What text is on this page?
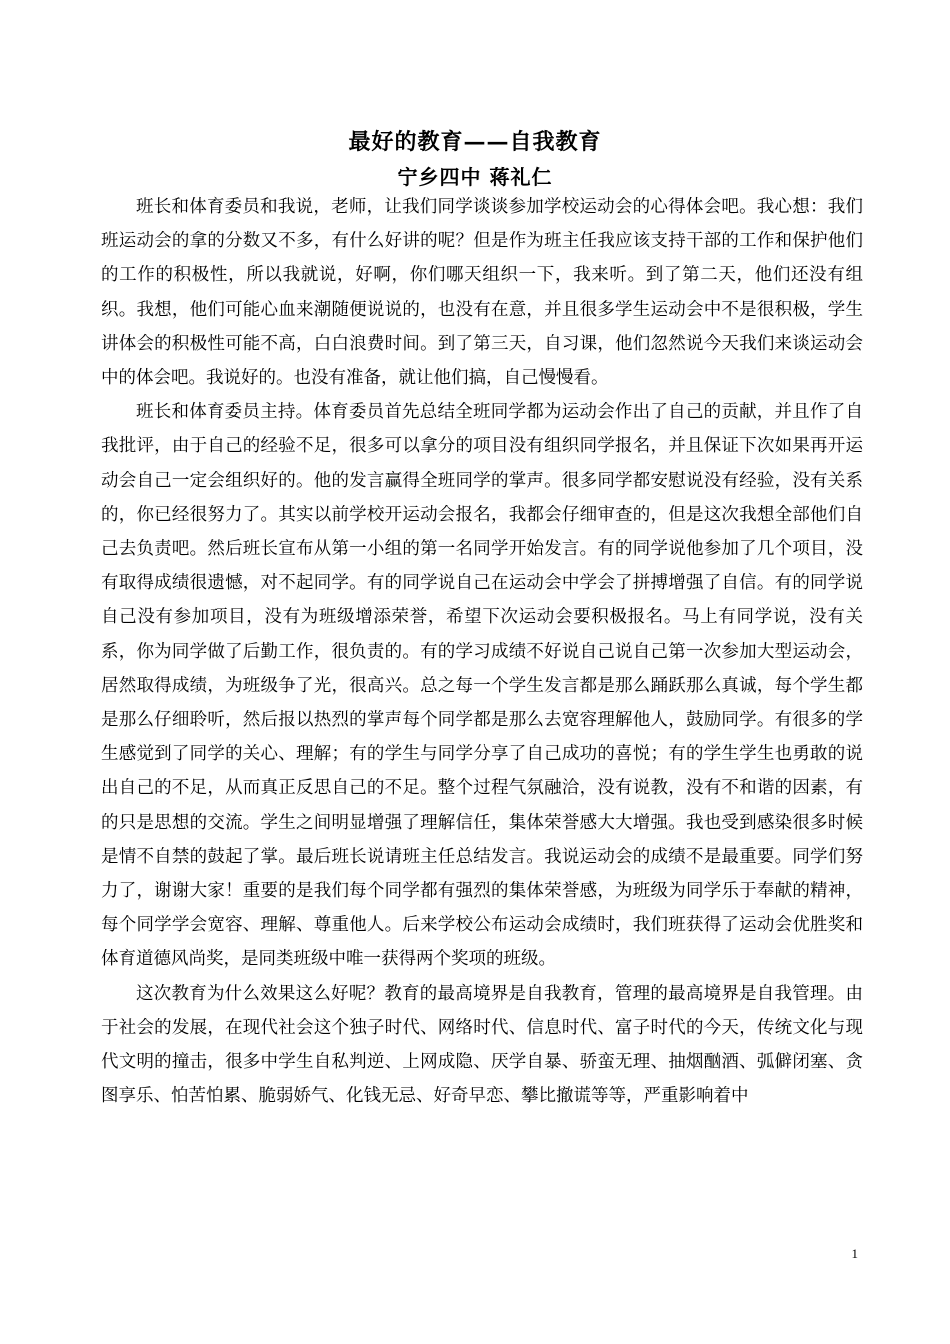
最好的教育——自我教育
宁乡四中 蒋礼仁

班长和体育委员和我说，老师，让我们同学谈谈参加学校运动会的心得体会吧。我心想：我们班运动会的拿的分数又不多，有什么好讲的呢？但是作为班主任我应该支持干部的工作和保护他们的工作的积极性，所以我就说，好啊，你们哪天组织一下，我来听。到了第二天，他们还没有组织。我想，他们可能心血来潮随便说说的，也没有在意，并且很多学生运动会中不是很积极，学生讲体会的积极性可能不高，白白浪费时间。到了第三天，自习课，他们忽然说今天我们来谈运动会中的体会吧。我说好的。也没有准备，就让他们搞，自己慢慢看。

班长和体育委员主持。体育委员首先总结全班同学都为运动会作出了自己的贡献，并且作了自我批评，由于自己的经验不足，很多可以拿分的项目没有组织同学报名，并且保证下次如果再开运动会自己一定会组织好的。他的发言赢得全班同学的掌声。很多同学都安慰说没有经验，没有关系的，你已经很努力了。其实以前学校开运动会报名，我都会仔细审查的，但是这次我想全部他们自己去负责吧。然后班长宣布从第一小组的第一名同学开始发言。有的同学说他参加了几个项目，没有取得成绩很遗憾，对不起同学。有的同学说自己在运动会中学会了拼搏增强了自信。有的同学说自己没有参加项目，没有为班级增添荣誉，希望下次运动会要积极报名。马上有同学说，没有关系，你为同学做了后勤工作，很负责的。有的学习成绩不好说自己说自己第一次参加大型运动会，居然取得成绩，为班级争了光，很高兴。总之每一个学生发言都是那么踊跃那么真诚，每个学生都是那么仔细聆听，然后报以热烈的掌声每个同学都是那么去宽容理解他人，鼓励同学。有很多的学生感觉到了同学的关心、理解；有的学生与同学分享了自己成功的喜悦；有的学生学生也勇敢的说出自己的不足，从而真正反思自己的不足。整个过程气氛融洽，没有说教，没有不和谐的因素，有的只是思想的交流。学生之间明显增强了理解信任，集体荣誉感大大增强。我也受到感染很多时候是情不自禁的鼓起了掌。最后班长说请班主任总结发言。我说运动会的成绩不是最重要。同学们努力了，谢谢大家！重要的是我们每个同学都有强烈的集体荣誉感，为班级为同学乐于奉献的精神，每个同学学会宽容、理解、尊重他人。后来学校公布运动会成绩时，我们班获得了运动会优胜奖和体育道德风尚奖，是同类班级中唯一获得两个奖项的班级。

这次教育为什么效果这么好呢？教育的最高境界是自我教育，管理的最高境界是自我管理。由于社会的发展，在现代社会这个独子时代、网络时代、信息时代、富子时代的今天，传统文化与现代文明的撞击，很多中学生自私判逆、上网成隐、厌学自暴、骄蛮无理、抽烟酗酒、弧僻闭塞、贪图享乐、怕苦怕累、脆弱娇气、化钱无忌、好奇早恋、攀比撤谎等等，严重影响着中

1
